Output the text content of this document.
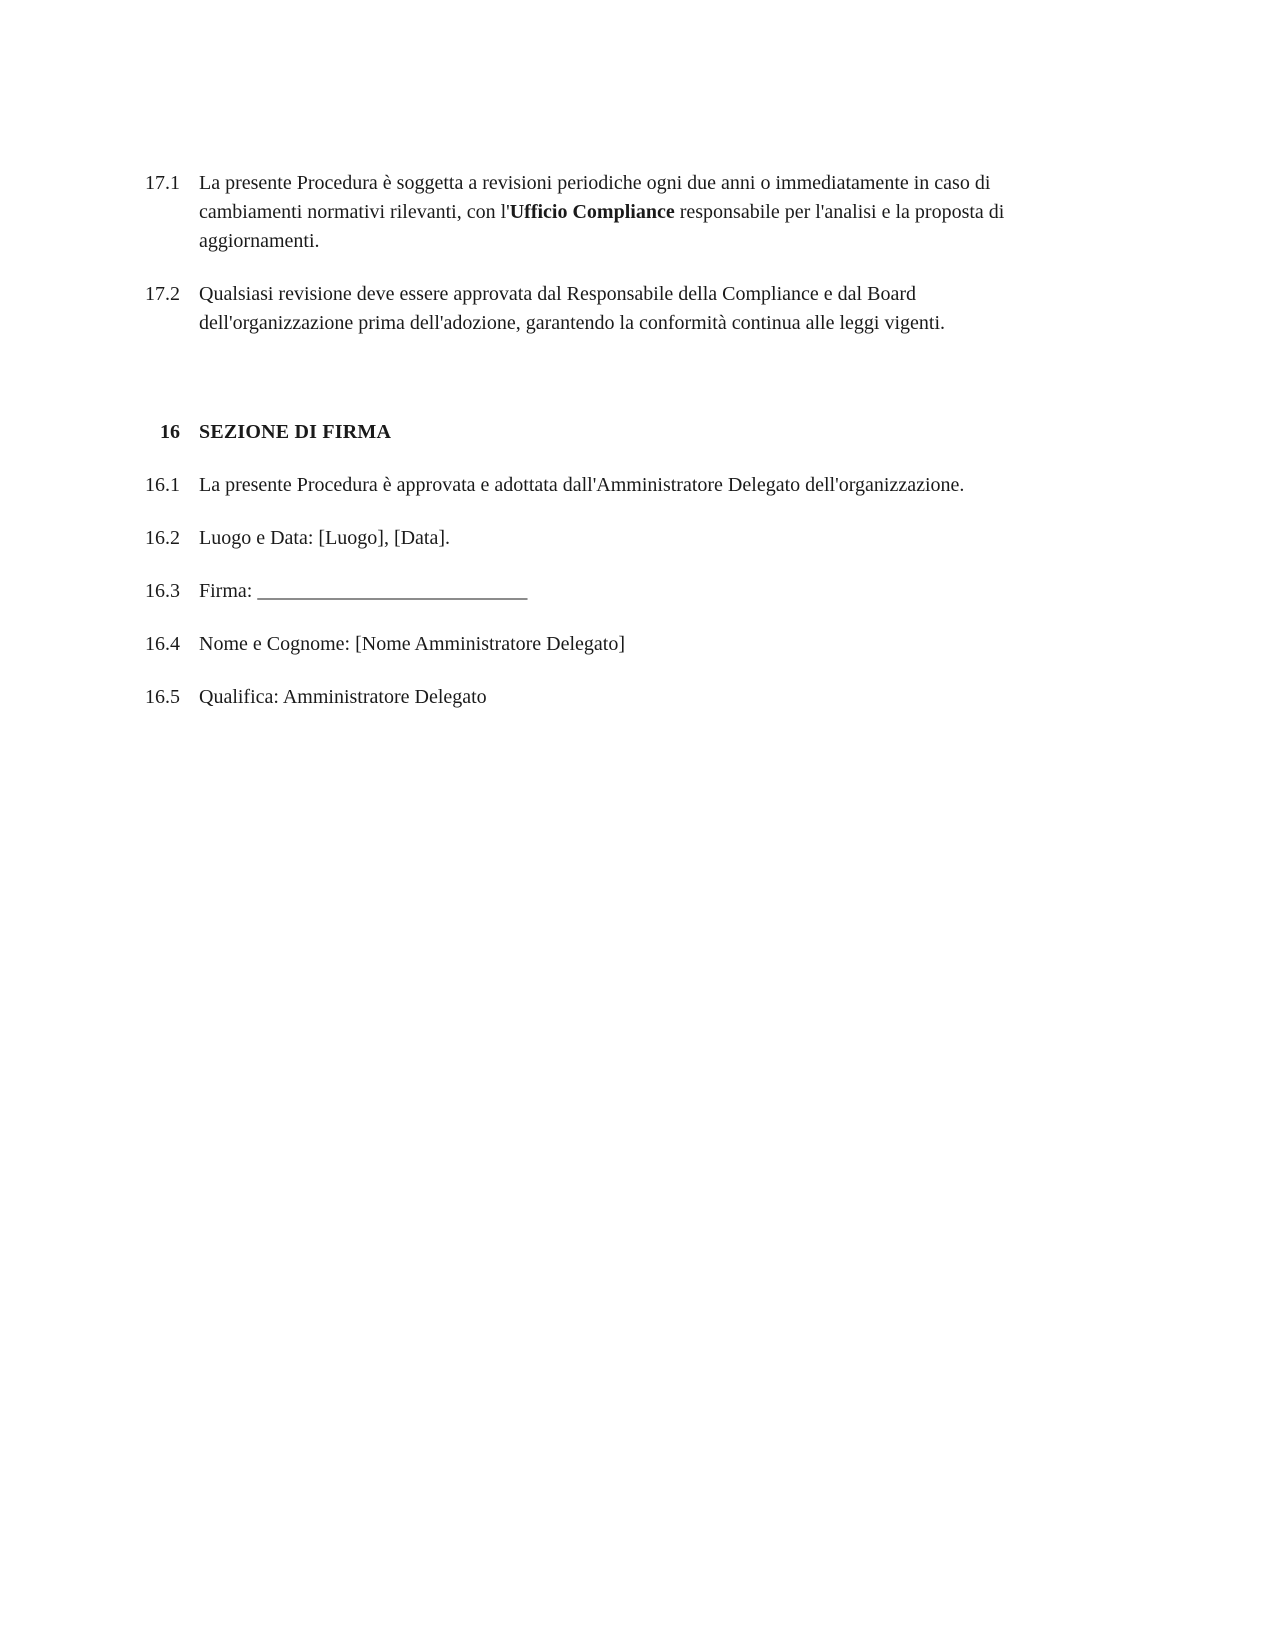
17.1 La presente Procedura è soggetta a revisioni periodiche ogni due anni o immediatamente in caso di cambiamenti normativi rilevanti, con l'Ufficio Compliance responsabile per l'analisi e la proposta di aggiornamenti.
17.2 Qualsiasi revisione deve essere approvata dal Responsabile della Compliance e dal Board dell'organizzazione prima dell'adozione, garantendo la conformità continua alle leggi vigenti.
16 SEZIONE DI FIRMA
16.1 La presente Procedura è approvata e adottata dall'Amministratore Delegato dell'organizzazione.
16.2 Luogo e Data: [Luogo], [Data].
16.3 Firma: ___________________________
16.4 Nome e Cognome: [Nome Amministratore Delegato]
16.5 Qualifica: Amministratore Delegato
